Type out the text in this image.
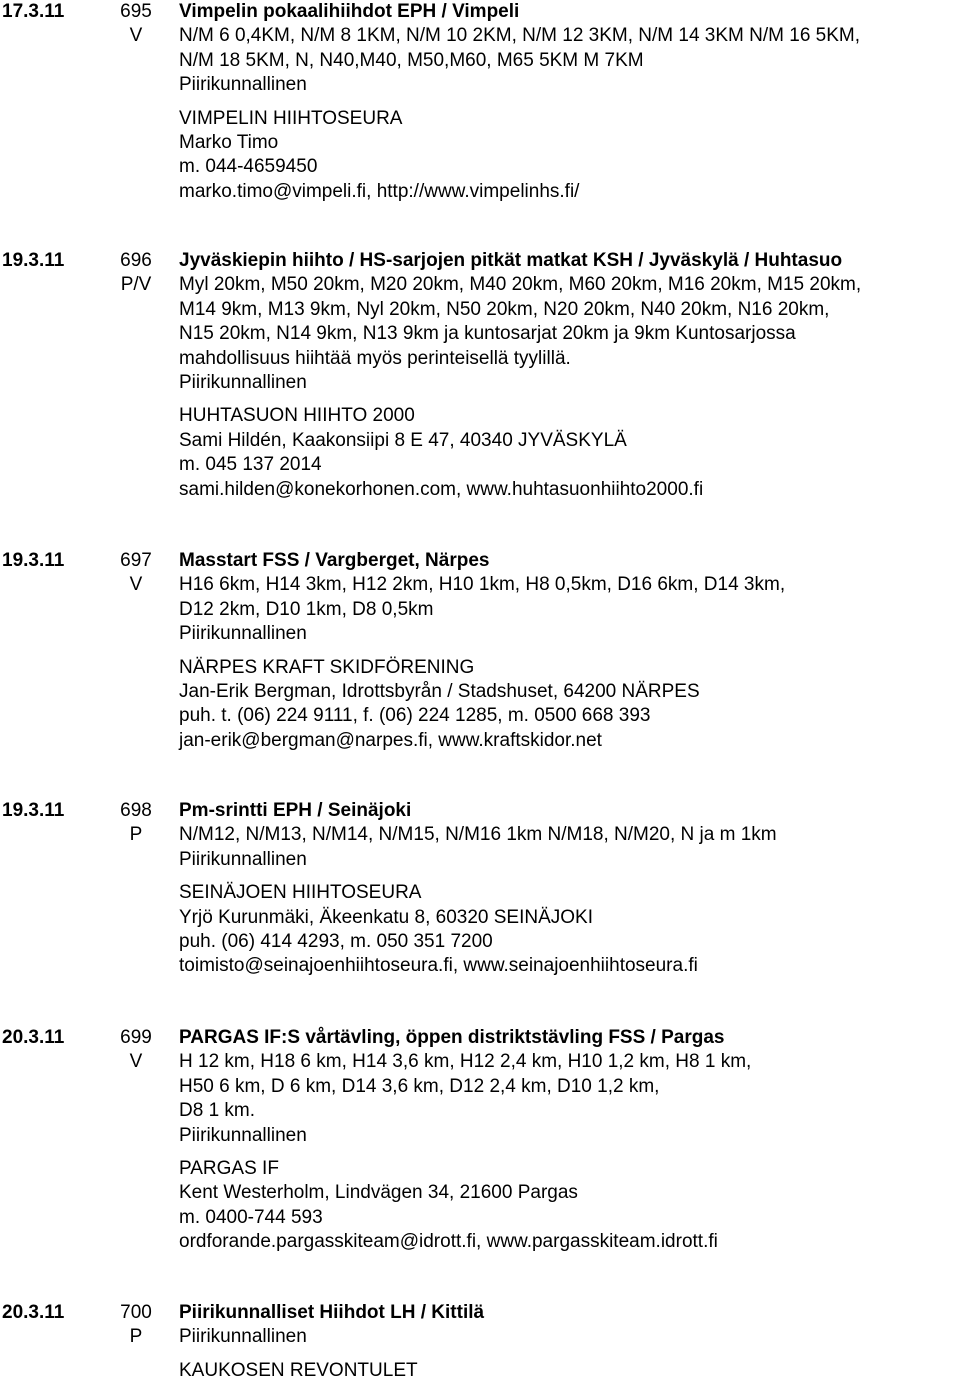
17.3.11	695
V
Vimpelin pokaalihiihdot EPH / Vimpeli
N/M 6 0,4KM, N/M 8 1KM, N/M 10 2KM, N/M 12 3KM, N/M 14 3KM N/M 16 5KM,
N/M 18 5KM, N, N40,M40, M50,M60, M65 5KM M 7KM
Piirikunnallinen
VIMPELIN HIIHTOSEURA
Marko Timo
m. 044-4659450
marko.timo@vimpeli.fi, http://www.vimpelinhs.fi/
19.3.11	696
P/V
Jyväskiepin hiihto / HS-sarjojen pitkät matkat KSH / Jyväskylä / Huhtasuo
Myl 20km, M50 20km, M20 20km, M40 20km, M60 20km, M16 20km, M15 20km,
M14 9km, M13 9km, Nyl 20km, N50 20km, N20 20km, N40 20km, N16 20km,
N15 20km, N14 9km, N13 9km ja kuntosarjat 20km ja 9km Kuntosarjossa
mahdollisuus hiihtää myös perinteisellä tyylillä.
Piirikunnallinen
HUHTASUON HIIHTO 2000
Sami Hildén, Kaakonsiipi 8 E 47, 40340 JYVÄSKYLÄ
m. 045 137 2014
sami.hilden@konekorhonen.com, www.huhtasuonhiihto2000.fi
19.3.11	697
V
Masstart FSS / Vargberget, Närpes
H16 6km, H14 3km, H12 2km, H10 1km, H8 0,5km, D16 6km, D14 3km,
D12 2km, D10 1km, D8 0,5km
Piirikunnallinen
NÄRPES KRAFT SKIDFÖRENING
Jan-Erik Bergman, Idrottsbyrån / Stadshuset, 64200 NÄRPES
puh. t. (06) 224 9111, f. (06) 224 1285, m. 0500 668 393
jan-erik@bergman@narpes.fi, www.kraftskidor.net
19.3.11	698
P
Pm-srintti EPH / Seinäjoki
N/M12, N/M13, N/M14, N/M15, N/M16 1km N/M18, N/M20, N ja m 1km
Piirikunnallinen
SEINÄJOEN HIIHTOSEURA
Yrjö Kurunmäki, Äkeenkatu 8, 60320 SEINÄJOKI
puh. (06) 414 4293, m. 050 351 7200
toimisto@seinajoenhiihtoseura.fi, www.seinajoenhiihtoseura.fi
20.3.11	699
V
PARGAS IF:S vårtävling, öppen distriktstävling FSS / Pargas
H 12 km, H18 6 km, H14 3,6 km, H12 2,4 km, H10 1,2 km, H8 1 km,
H50 6 km, D 6 km, D14 3,6 km, D12 2,4 km, D10 1,2 km,
D8 1 km.
Piirikunnallinen
PARGAS IF
Kent Westerholm, Lindvägen 34, 21600 Pargas
m. 0400-744 593
ordforande.pargasskiteam@idrott.fi, www.pargasskiteam.idrott.fi
20.3.11	700
P
Piirikunnalliset Hiihdot LH / Kittilä
Piirikunnallinen
KAUKOSEN REVONTULET
